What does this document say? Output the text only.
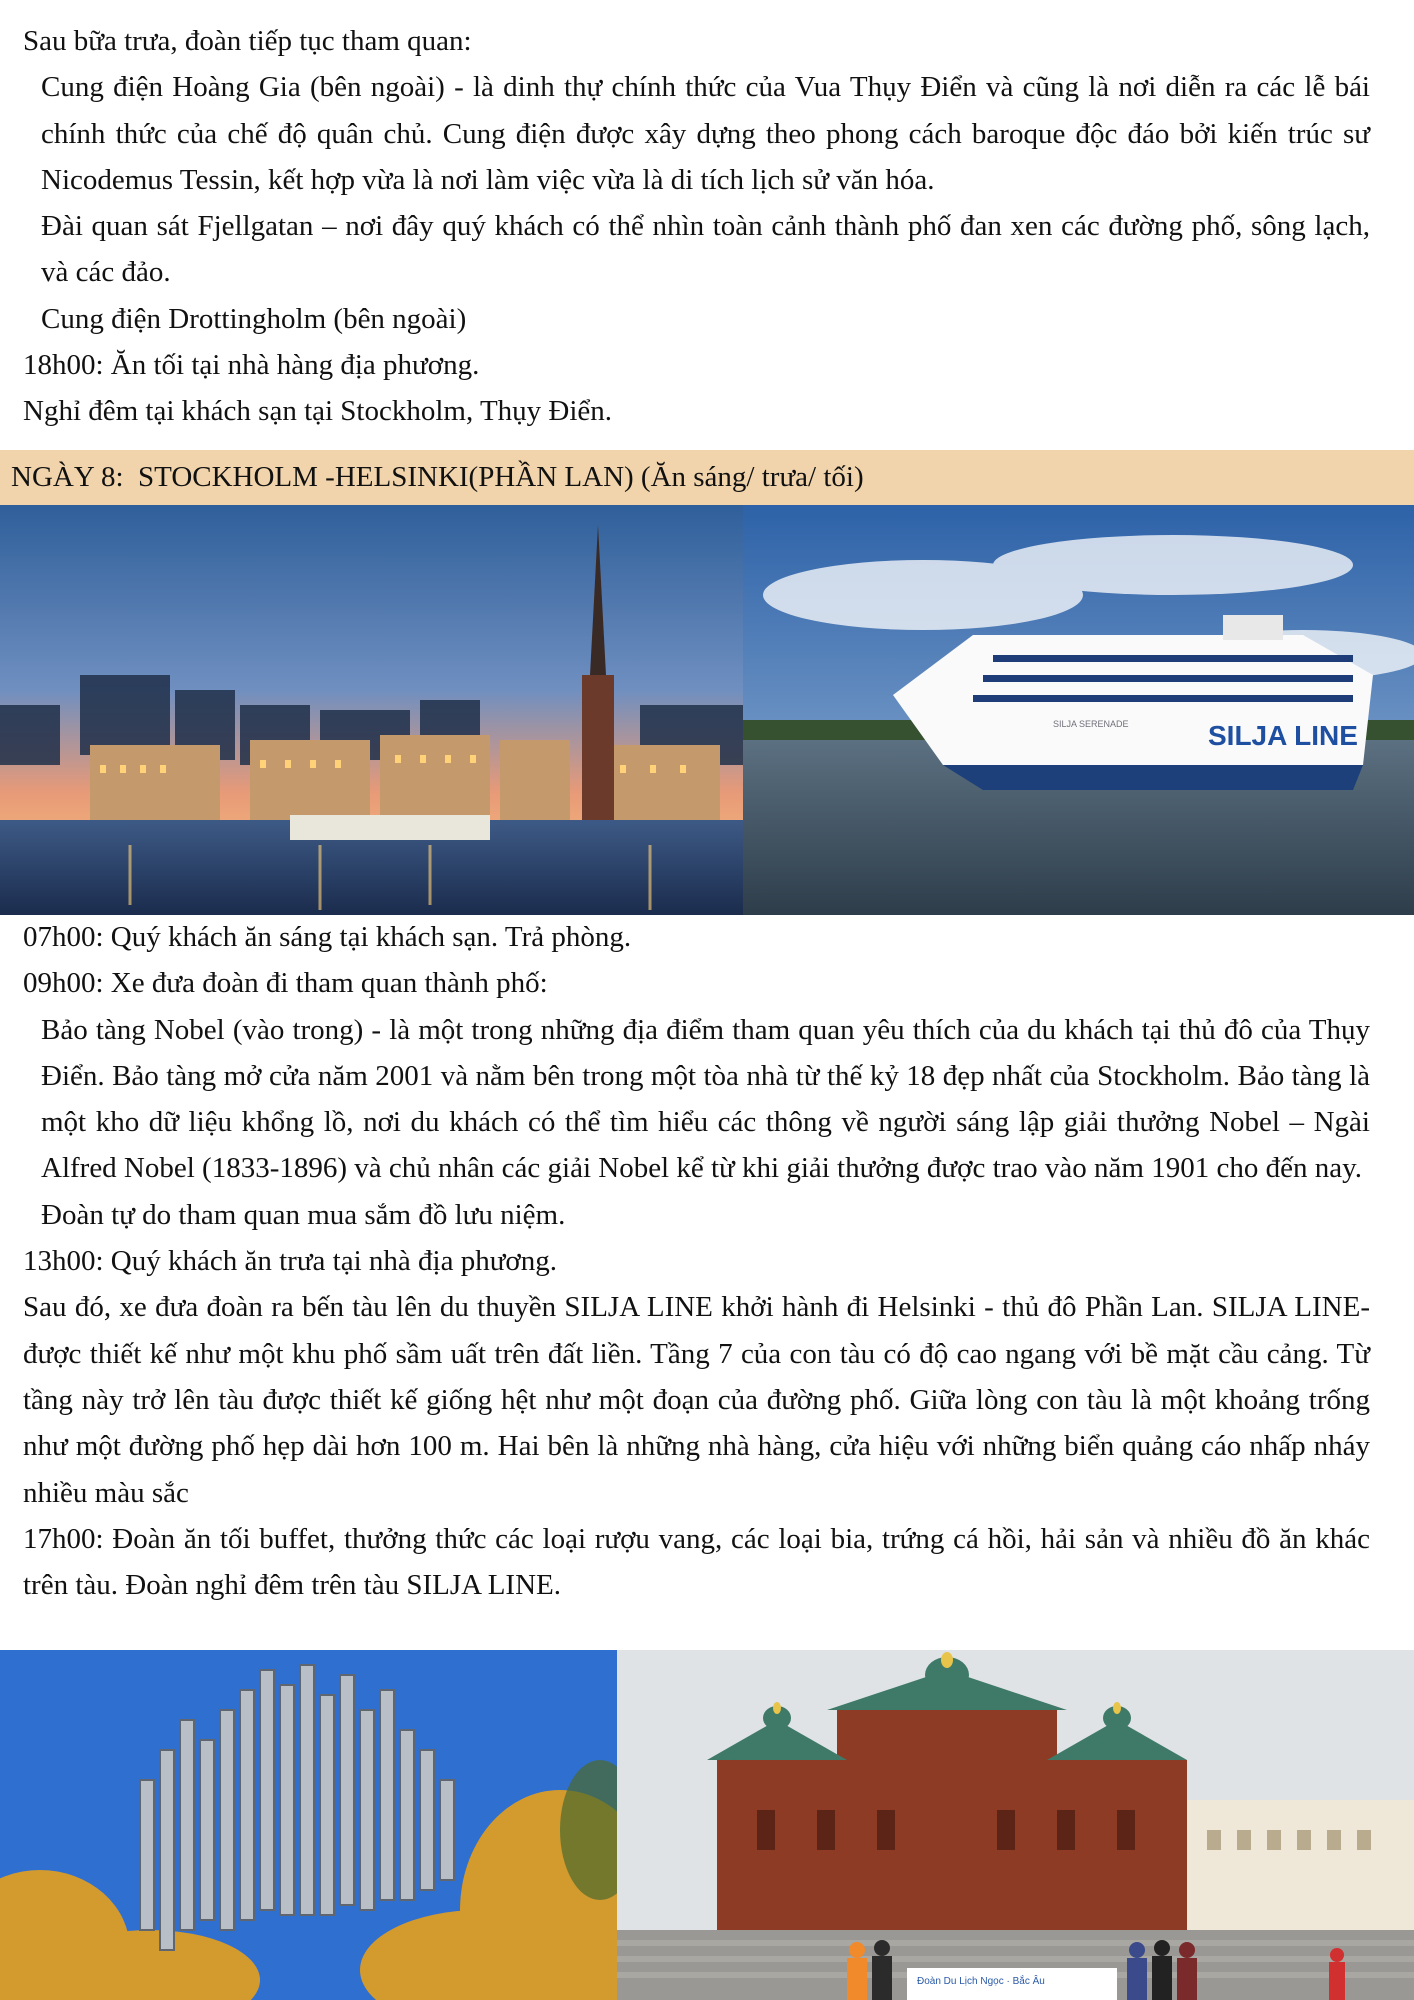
Sau bữa trưa, đoàn tiếp tục tham quan:

Cung điện Hoàng Gia (bên ngoài) - là dinh thự chính thức của Vua Thụy Điển và cũng là nơi diễn ra các lễ bái chính thức của chế độ quân chủ. Cung điện được xây dựng theo phong cách baroque độc đáo bởi kiến trúc sư Nicodemus Tessin, kết hợp vừa là nơi làm việc vừa là di tích lịch sử văn hóa.

Đài quan sát Fjellgatan – nơi đây quý khách có thể nhìn toàn cảnh thành phố đan xen các đường phố, sông lạch, và các đảo.

Cung điện Drottingholm (bên ngoài)

18h00: Ăn tối tại nhà hàng địa phương.

Nghỉ đêm tại khách sạn tại Stockholm, Thụy Điển.

NGÀY 8:  STOCKHOLM -HELSINKI(PHẦN LAN) (Ăn sáng/ trưa/ tối)
SILJA LINE
SILJA SERENADE

07h00: Quý khách ăn sáng tại khách sạn. Trả phòng.

09h00: Xe đưa đoàn đi tham quan thành phố:

Bảo tàng Nobel (vào trong) - là một trong những địa điểm tham quan yêu thích của du khách tại thủ đô của Thụy Điển. Bảo tàng mở cửa năm 2001 và nằm bên trong một tòa nhà từ thế kỷ 18 đẹp nhất của Stockholm. Bảo tàng là một kho dữ liệu khổng lồ, nơi du khách có thể tìm hiểu các thông về người sáng lập giải thưởng Nobel – Ngài Alfred Nobel (1833-1896) và chủ nhân các giải Nobel kể từ khi giải thưởng được trao vào năm 1901 cho đến nay.

Đoàn tự do tham quan mua sắm đồ lưu niệm.

13h00: Quý khách ăn trưa tại nhà địa phương.

Sau đó, xe đưa đoàn ra bến tàu lên du thuyền SILJA LINE khởi hành đi Helsinki - thủ đô Phần Lan. SILJA LINE- được thiết kế như một khu phố sầm uất trên đất liền. Tầng 7 của con tàu có độ cao ngang với bề mặt cầu cảng. Từ tầng này trở lên tàu được thiết kế giống hệt như một đoạn của đường phố. Giữa lòng con tàu là một khoảng trống như một đường phố hẹp dài hơn 100 m. Hai bên là những nhà hàng, cửa hiệu với những biển quảng cáo nhấp nháy nhiều màu sắc

17h00: Đoàn ăn tối buffet, thưởng thức các loại rượu vang, các loại bia, trứng cá hồi, hải sản và nhiều đồ ăn khác trên tàu. Đoàn nghỉ đêm trên tàu SILJA LINE.

Đoàn Du Lịch Ngọc · Bắc Âu
